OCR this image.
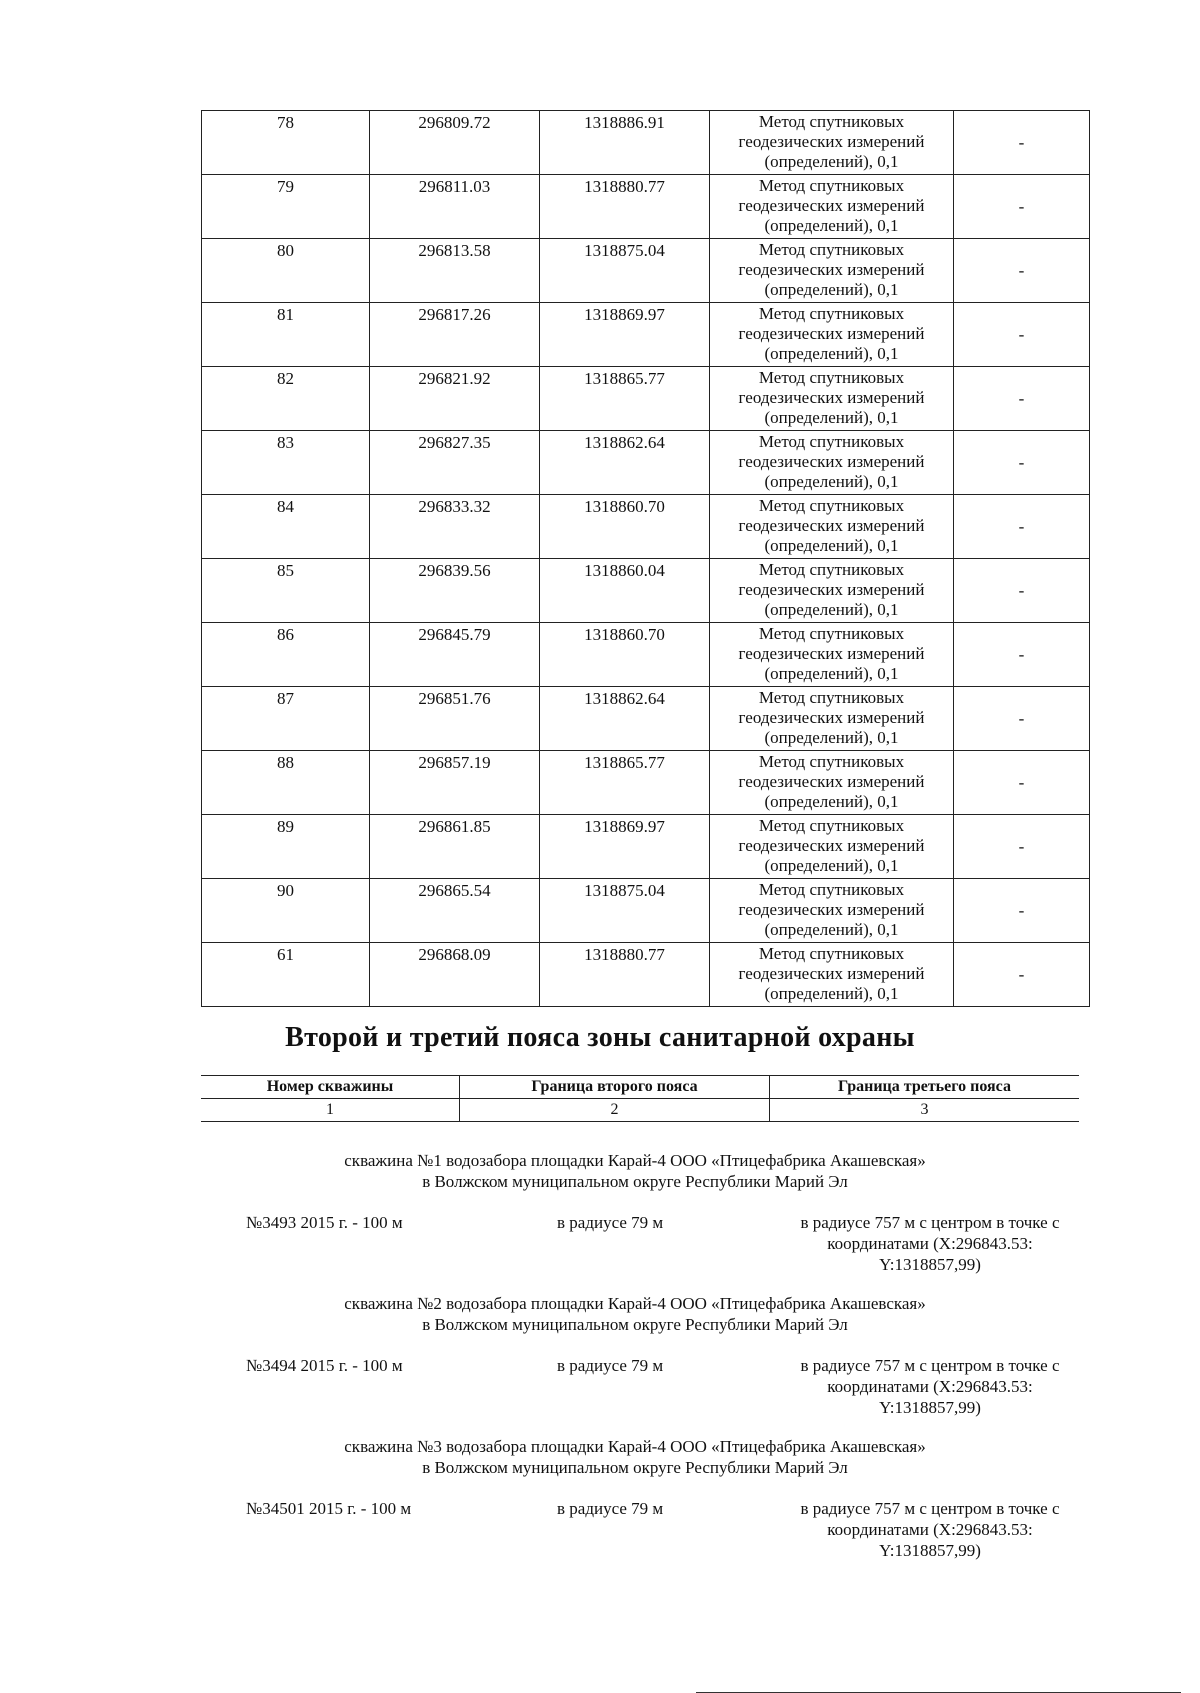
78	296809.72	1318886.91	Метод спутниковых
геодезических измерений
(определений), 0,1	-
79	296811.03	1318880.77	Метод спутниковых
геодезических измерений
(определений), 0,1	-
80	296813.58	1318875.04	Метод спутниковых
геодезических измерений
(определений), 0,1	-
81	296817.26	1318869.97	Метод спутниковых
геодезических измерений
(определений), 0,1	-
82	296821.92	1318865.77	Метод спутниковых
геодезических измерений
(определений), 0,1	-
83	296827.35	1318862.64	Метод спутниковых
геодезических измерений
(определений), 0,1	-
84	296833.32	1318860.70	Метод спутниковых
геодезических измерений
(определений), 0,1	-
85	296839.56	1318860.04	Метод спутниковых
геодезических измерений
(определений), 0,1	-
86	296845.79	1318860.70	Метод спутниковых
геодезических измерений
(определений), 0,1	-
87	296851.76	1318862.64	Метод спутниковых
геодезических измерений
(определений), 0,1	-
88	296857.19	1318865.77	Метод спутниковых
геодезических измерений
(определений), 0,1	-
89	296861.85	1318869.97	Метод спутниковых
геодезических измерений
(определений), 0,1	-
90	296865.54	1318875.04	Метод спутниковых
геодезических измерений
(определений), 0,1	-
61	296868.09	1318880.77	Метод спутниковых
геодезических измерений
(определений), 0,1	-
Второй и третий пояса зоны санитарной охраны
Номер скважины	Граница второго пояса	Граница третьего пояса
1	2	3
скважина №1 водозабора площадки Карай-4 ООО «Птицефабрика Акашевская»
в Волжском муниципальном округе Республики Марий Эл
№3493 2015 г. - 100 м	в радиусе 79 м	в радиусе 757 м с центром в точке с
координатами (X:296843.53:
Y:1318857,99)
скважина №2 водозабора площадки Карай-4 ООО «Птицефабрика Акашевская»
в Волжском муниципальном округе Республики Марий Эл
№3494 2015 г. - 100 м	в радиусе 79 м	в радиусе 757 м с центром в точке с
координатами (X:296843.53:
Y:1318857,99)
скважина №3 водозабора площадки Карай-4 ООО «Птицефабрика Акашевская»
в Волжском муниципальном округе Республики Марий Эл
№34501 2015 г. - 100 м	в радиусе 79 м	в радиусе 757 м с центром в точке с
координатами (X:296843.53:
Y:1318857,99)
